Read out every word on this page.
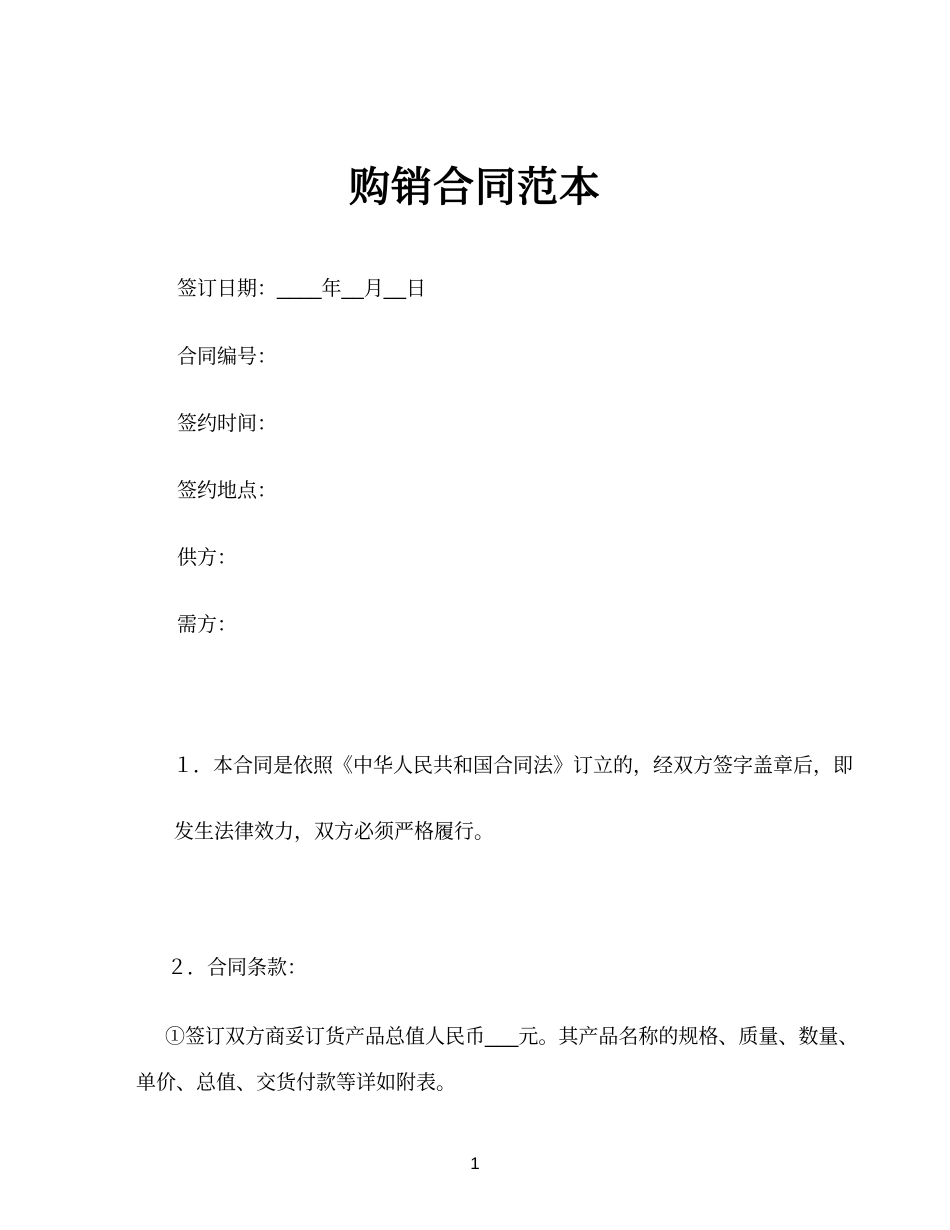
购销合同范本
签订日期：____年__月__日
合同编号：
签约时间：
签约地点：
供方：
需方：
１．本合同是依照《中华人民共和国合同法》订立的，经双方签字盖章后，即
发生法律效力，双方必须严格履行。
２．合同条款：
①签订双方商妥订货产品总值人民币___元。其产品名称的规格、质量、数量、
单价、总值、交货付款等详如附表。
1
